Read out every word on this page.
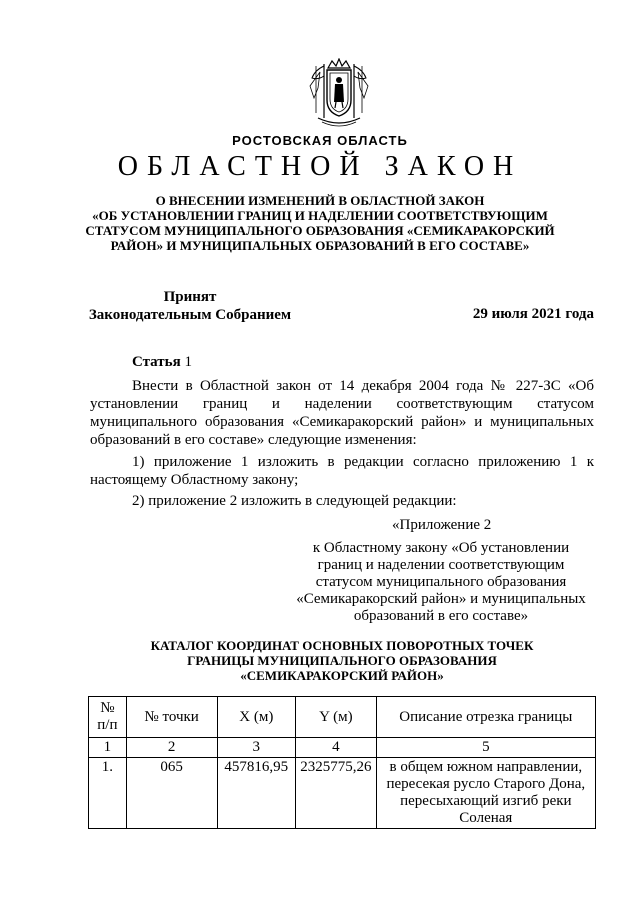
РОСТОВСКАЯ ОБЛАСТЬ
ОБЛАСТНОЙ ЗАКОН
О ВНЕСЕНИИ ИЗМЕНЕНИЙ В ОБЛАСТНОЙ ЗАКОН
«ОБ УСТАНОВЛЕНИИ ГРАНИЦ И НАДЕЛЕНИИ СООТВЕТСТВУЮЩИМ
СТАТУСОМ МУНИЦИПАЛЬНОГО ОБРАЗОВАНИЯ «СЕМИКАРАКОРСКИЙ
РАЙОН» И МУНИЦИПАЛЬНЫХ ОБРАЗОВАНИЙ В ЕГО СОСТАВЕ»
Принят
Законодательным Собранием	29 июля 2021 года
Статья 1
Внести в Областной закон от 14 декабря 2004 года № 227-ЗС «Об установлении границ и наделении соответствующим статусом муниципального образования «Семикаракорский район» и муниципальных образований в его составе» следующие изменения:
1) приложение 1 изложить в редакции согласно приложению 1 к настоящему Областному закону;
2) приложение 2 изложить в следующей редакции:
«Приложение 2
к Областному закону «Об установлении
границ и наделении соответствующим
статусом муниципального образования
«Семикаракорский район» и муниципальных
образований в его составе»
КАТАЛОГ КООРДИНАТ ОСНОВНЫХ ПОВОРОТНЫХ ТОЧЕК
ГРАНИЦЫ МУНИЦИПАЛЬНОГО ОБРАЗОВАНИЯ
«СЕМИКАРАКОРСКИЙ РАЙОН»
№
п/п	№ точки	X (м)	Y (м)	Описание отрезка границы
1	2	3	4	5
1.	065	457816,95	2325775,26	в общем южном направлении, пересекая русло Старого Дона, пересыхающий изгиб реки Соленая
